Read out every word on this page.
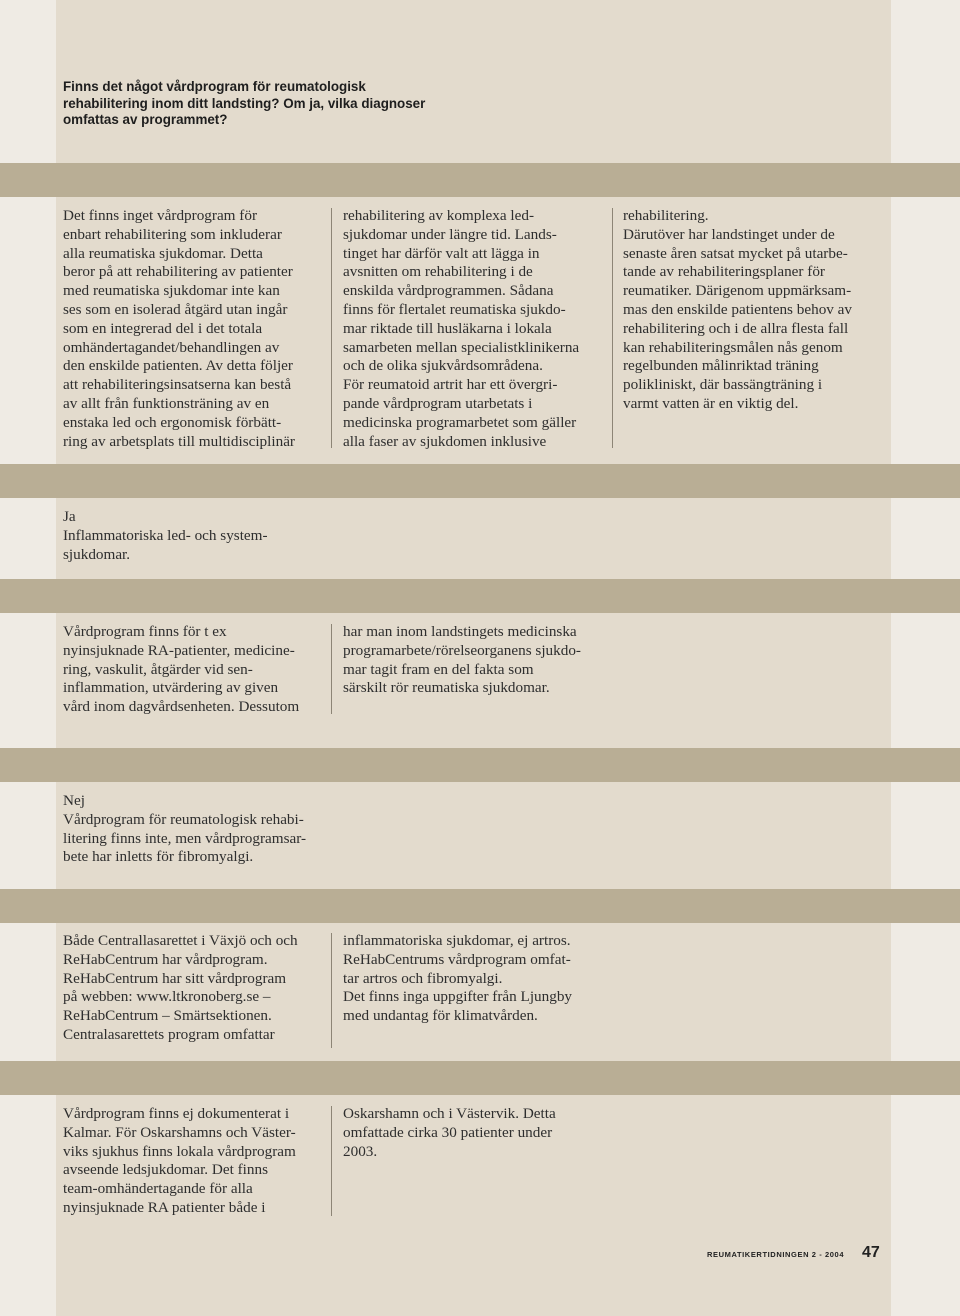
Finns det något vårdprogram för reumatologisk
rehabilitering inom ditt landsting? Om ja, vilka diagnoser
omfattas av programmet?
Det finns inget vårdprogram för
enbart rehabilitering som inkluderar
alla reumatiska sjukdomar. Detta
beror på att rehabilitering av patienter
med reumatiska sjukdomar inte kan
ses som en isolerad åtgärd utan ingår
som en integrerad del i det totala
omhändertagandet/behandlingen av
den enskilde patienten. Av detta följer
att rehabiliteringsinsatserna kan bestå
av allt från funktionsträning av en
enstaka led och ergonomisk förbätt-
ring av arbetsplats till multidisciplinär
rehabilitering av komplexa led-
sjukdomar under längre tid. Lands-
tinget har därför valt att lägga in
avsnitten om rehabilitering i de
enskilda vårdprogrammen. Sådana
finns för flertalet reumatiska sjukdo-
mar riktade till husläkarna i lokala
samarbeten mellan specialistklinikerna
och de olika sjukvårdsområdena.
För reumatoid artrit har ett övergri-
pande vårdprogram utarbetats i
medicinska programarbetet som gäller
alla faser av sjukdomen inklusive
rehabilitering.
Därutöver har landstinget under de
senaste åren satsat mycket på utarbe-
tande av rehabiliteringsplaner för
reumatiker. Därigenom uppmärksam-
mas den enskilde patientens behov av
rehabilitering och i de allra flesta fall
kan rehabiliteringsmålen nås genom
regelbunden målinriktad träning
polikliniskt, där bassängträning i
varmt vatten är en viktig del.
Ja
Inflammatoriska led- och system-
sjukdomar.
Vårdprogram finns för t ex
nyinsjuknade RA-patienter, medicine-
ring, vaskulit, åtgärder vid sen-
inflammation, utvärdering av given
vård inom dagvårdsenheten. Dessutom
har man inom landstingets medicinska
programarbete/rörelseorganens sjukdo-
mar tagit fram en del fakta som
särskilt rör reumatiska sjukdomar.
Nej
Vårdprogram för reumatologisk rehabi-
litering finns inte, men vårdprogramsar-
bete har inletts för fibromyalgi.
Både Centrallasarettet i Växjö och och
ReHabCentrum har vårdprogram.
ReHabCentrum har sitt vårdprogram
på webben: www.ltkronoberg.se –
ReHabCentrum – Smärtsektionen.
Centralasarettets program omfattar
inflammatoriska sjukdomar, ej artros.
ReHabCentrums vårdprogram omfat-
tar artros och fibromyalgi.
Det finns inga uppgifter från Ljungby
med undantag för klimatvården.
Vårdprogram finns ej dokumenterat i
Kalmar. För Oskarshamns och Väster-
viks sjukhus finns lokala vårdprogram
avseende ledsjukdomar. Det finns
team-omhändertagande för alla
nyinsjuknade RA patienter både i
Oskarshamn och i Västervik. Detta
omfattade cirka 30 patienter under
2003.
REUMATIKERTIDNINGEN 2 - 2004 47
